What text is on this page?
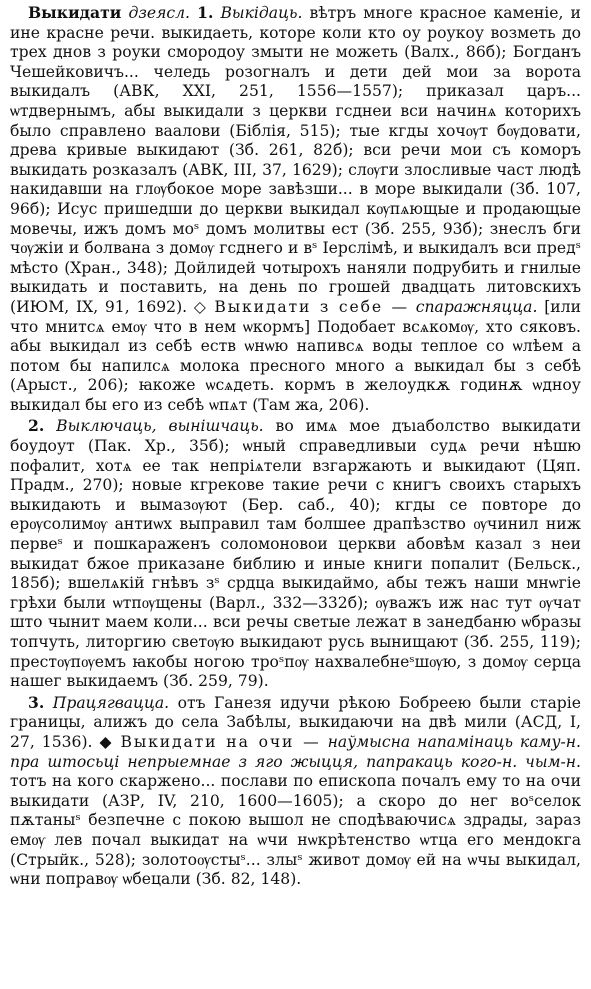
Выкидати дзеясл. 1. Выкідаць. вѣтръ многе красное каменіе, и ине красне речи. выкидаеть, которе коли кто оу роукоу возметь до трех днов з роуки смородоу змыти не можеть (Валх., 86б); Богданъ Чешейковичъ... челедь розогналъ и дети дей мои за ворота выкидалъ (АВК, XXI, 251, 1556—1557); приказал царъ... ѡтдвернымъ, абы выкидали з церкви гсднеи вси начинѧ которихъ было справлено ваалови (Біблія, 515); тые кгды хочѹт бѹдовати, древа кривые выкидают (Зб. 261, 82б); вси речи мои съ коморъ выкидать розказалъ (АВК, III, 37, 1629); слѹги злосливые част людѣ накидавши на глѹбокое море завѣзши... в море выкидали (Зб. 107, 96б); Исус пришедши до церкви выкидал кѹпѧющые и продающые мовечы, ижъ домъ моˢ домъ молитвы ест (Зб. 255, 93б); знеслъ бги чѹжіи и болвана з домѹ гсднего и вˢ Іерслімѣ, и выкидалъ вси предˢ мѣсто (Хран., 348); Дойлидей чотырохъ наняли подрубить и гнилые выкидать и поставить, на день по грошей двадцать литовскихъ (ИЮМ, IX, 91, 1692). ◇ Выкидати з себе — спаражняцца. [или что мнитсѧ емѹ что в нем ѡкормъ] Подобает всѧкомѹ, хто сяковъ. абы выкидал из себѣ еств ѡнѡю напивсѧ воды теплое со ѡлѣем а потом бы напилсѧ молока пресного много а выкидал бы з себѣ (Арыст., 206); ꙗкоже ѡсѧдеть. кормъ в желоудкѫ годинѫ ѡдноу выкидал бы его из себѣ ѡпѧт (Там жа, 206).

2. Выключаць, вынішчаць. во имѧ мое дъıаболство выкидати боудоут (Пак. Хр., 35б); ѡный справедливыи судѧ речи нѣшю пофалит, хотѧ ее так непріѧтели взгаржають и выкидают (Цяп. Прадм., 270); новые кгрекове такие речи с книгъ своихъ старыхъ выкидають и вымазѹют (Бер. саб., 40); кгды се повторе до ерѹсолимѹ антиѡх выправил там болшее драпѣзство ѹчинил ниж первеˢ и пошкараженъ соломоновои церкви абовѣм казал з неи выкидат бжое приказане библию и иные книги попалит (Бельск., 185б); вшелѧкій гнѣвъ зˢ срдца выкидаймо, абы тежъ наши мнѡгіе грѣхи были ѡтпѹщены (Варл., 332—332б); ѹважъ иж нас тут ѹчат што чынит маем коли... вси речы светые лежат в занедбаню ѡбразы топчуть, литоргию светѹю выкидают русь вынищают (Зб. 255, 119); престѹпѹемъ ꙗкобы ногою троˢпѹ нахвалебнеˢшѹю, з домѹ серца нашег выкидаемъ (Зб. 259, 79).

3. Працягваццa. отъ Ганезя идучи рѣкою Бобреею были старіе границы, алижъ до села Забѣлы, выкидаючи на двѣ мили (АСД, I, 27, 1536). ◆ Выкидати на очи — наўмысна напамінаць каму-н. пра штосьці непрыемнае з яго жыцця, папракаць кого-н. чым-н. тотъ на кого скаржено... послави по епископа почалъ ему то на очи выкидати (АЗР, IV, 210, 1600—1605); а скоро до нег воˢселок пѫтаныˢ безпечне с покою вышол не сподѣваючисѧ здрады, зараз емѹ лев почал выкидат на ѡчи нѡкрѣтенство ѡтца его мендокга (Стрыйк., 528); золотоѹстыˢ... злыˢ живот домѹ ей на ѡчы выкидал, ѡни поправѹ ѡбецали (Зб. 82, 148).
